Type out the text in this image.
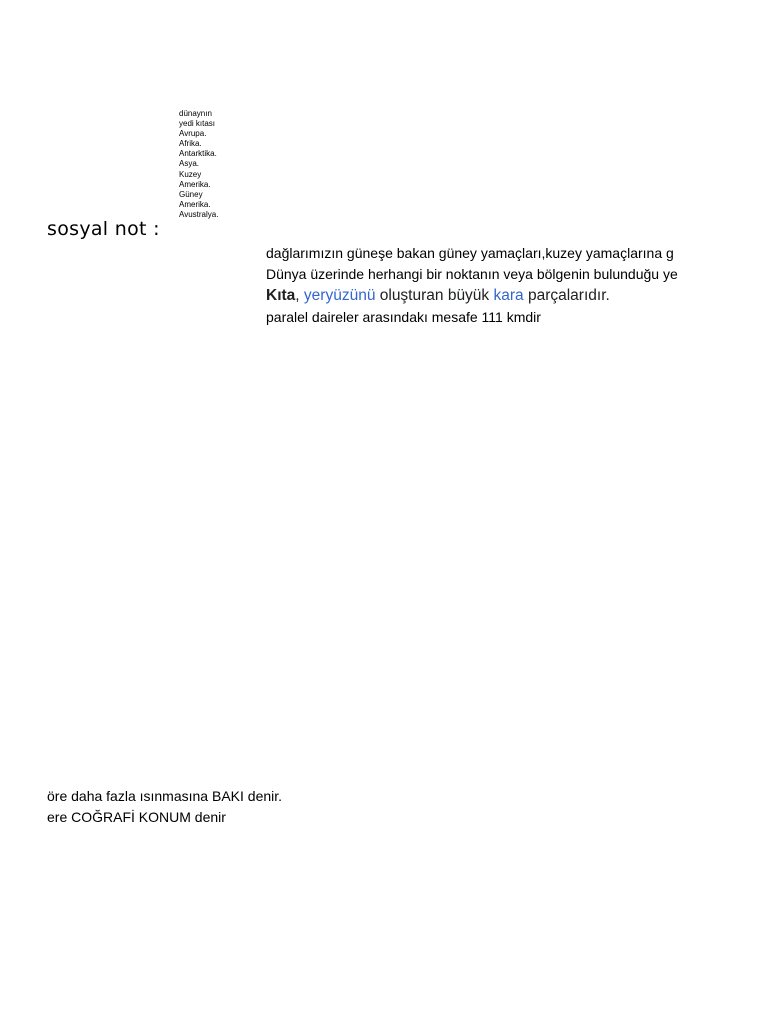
sosyal not :
dünaynın yedi kıtası
Avrupa.
Afrika.
Antarktika.
Asya.
Kuzey Amerika.
Güney Amerika.
Avustralya.
dağlarımızın güneşe bakan güney yamaçları,kuzey yamaçlarına g
Dünya üzerinde herhangi bir noktanın veya bölgenin bulunduğu ye
Kıta, yeryüzünü oluşturan büyük kara parçalarıdır.
paralel daireler arasındakı mesafe 111 kmdir
öre daha fazla ısınmasına BAKI denir.
ere COĞRAFİ KONUM denir
